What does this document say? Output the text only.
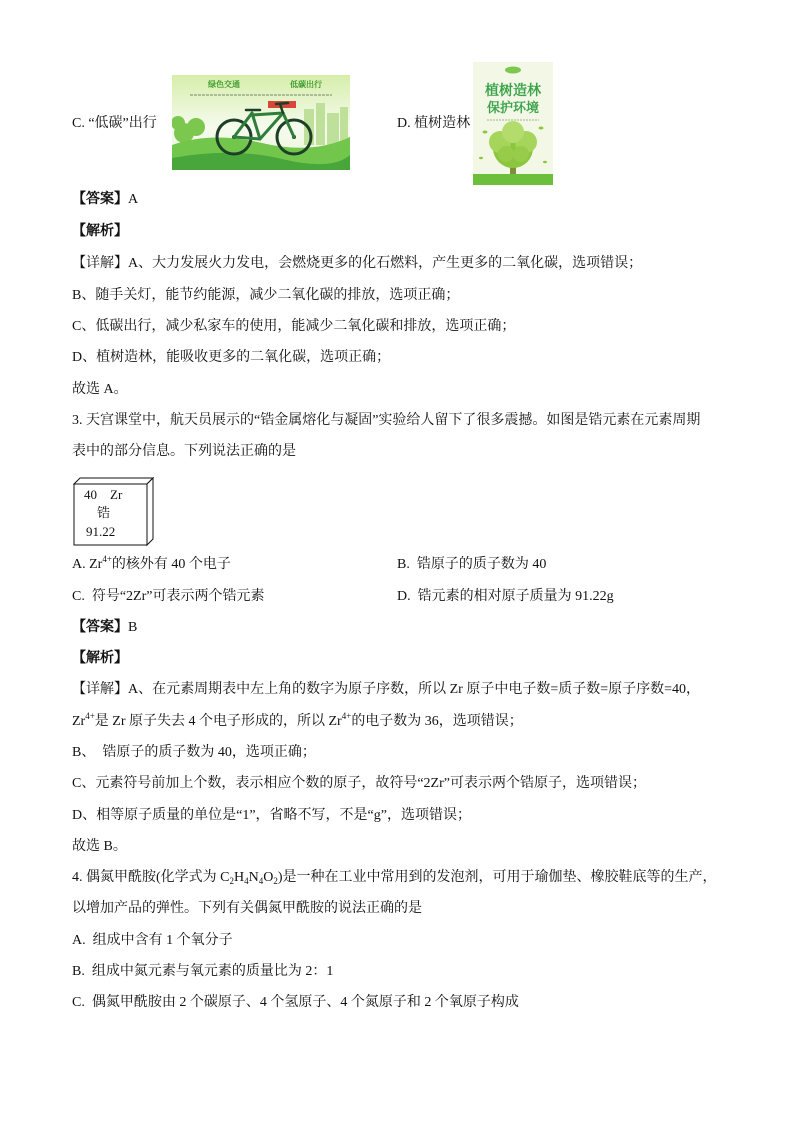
C. “低碳”出行
绿色交通	低碳出行
D. 植树造林
植树造林
保护环境
【答案】A
【解析】
【详解】A、大力发展火力发电，会燃烧更多的化石燃料，产生更多的二氧化碳，选项错误；
B、随手关灯，能节约能源，减少二氧化碳的排放，选项正确；
C、低碳出行，减少私家车的使用，能减少二氧化碳和排放，选项正确；
D、植树造林，能吸收更多的二氧化碳，选项正确；
故选 A。
3. 天宫课堂中，航天员展示的“锆金属熔化与凝固”实验给人留下了很多震撼。如图是锆元素在元素周期
表中的部分信息。下列说法正确的是
40 Zr
锆
91.22
A. $Zr^{4+}$的核外有 40 个电子	B.  锆原子的质子数为 40
C.  符号“2Zr”可表示两个锆元素	D.  锆元素的相对原子质量为 91.22g
【答案】B
【解析】
【详解】A、在元素周期表中左上角的数字为原子序数，所以 Zr 原子中电子数=质子数=原子序数=40，
$Zr^{4+}$是 Zr 原子失去 4 个电子形成的，所以 $Zr^{4+}$的电子数为 36，选项错误；
B、  锆原子的质子数为 40，选项正确；
C、元素符号前加上个数，表示相应个数的原子，故符号“2Zr”可表示两个锆原子，选项错误；
D、相等原子质量的单位是“1”，省略不写，不是“g”，选项错误；
故选 B。
4. 偶氮甲酰胺(化学式为 $C_2H_4N_4O_2$)是一种在工业中常用到的发泡剂，可用于瑜伽垫、橡胶鞋底等的生产，
以增加产品的弹性。下列有关偶氮甲酰胺的说法正确的是
A.  组成中含有 1 个氧分子
B.  组成中氮元素与氧元素的质量比为 2：1
C.  偶氮甲酰胺由 2 个碳原子、4 个氢原子、4 个氮原子和 2 个氧原子构成
